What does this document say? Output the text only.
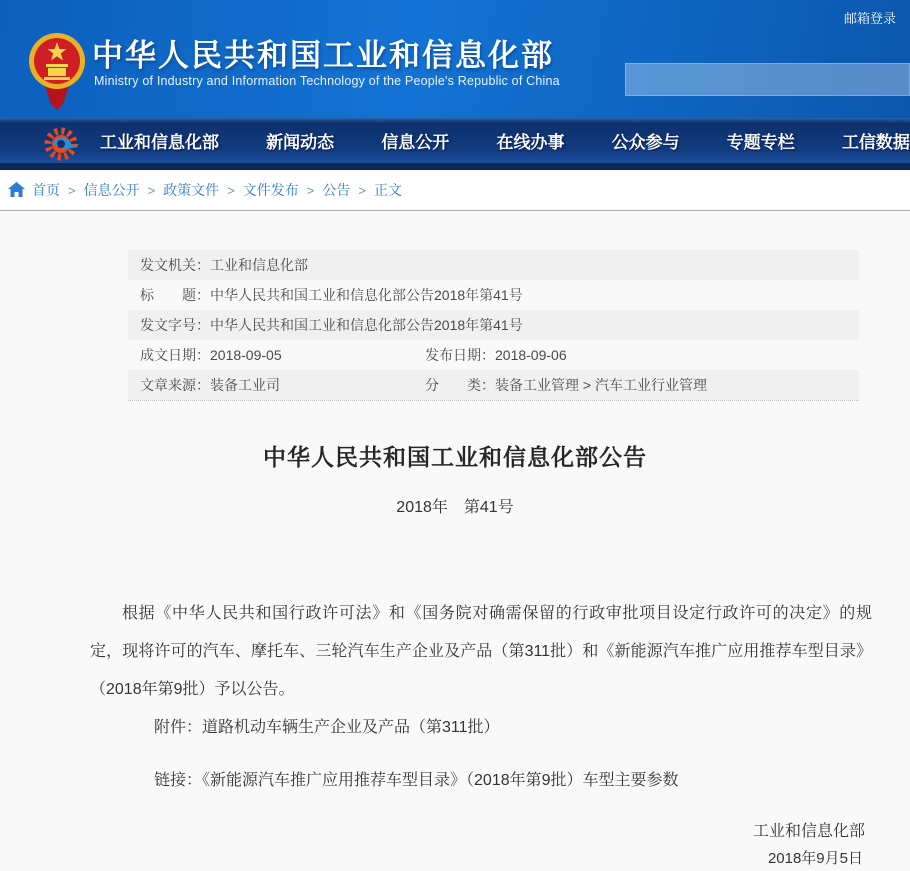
邮箱登录
中华人民共和国工业和信息化部
Ministry of Industry and Information Technology of the People's Republic of China
工业和信息化部	新闻动态	信息公开	在线办事	公众参与	专题专栏	工信数据
首页 > 信息公开 > 政策文件 > 文件发布 > 公告 > 正文
发文机关：工业和信息化部
标　　题：中华人民共和国工业和信息化部公告2018年第41号
发文字号：中华人民共和国工业和信息化部公告2018年第41号
成文日期：2018-09-05	发布日期：2018-09-06
文章来源：装备工业司	分　　类：装备工业管理 > 汽车工业行业管理
中华人民共和国工业和信息化部公告
2018年　第41号
根据《中华人民共和国行政许可法》和《国务院对确需保留的行政审批项目设定行政许可的决定》的规定，现将许可的汽车、摩托车、三轮汽车生产企业及产品（第311批）和《新能源汽车推广应用推荐车型目录》（2018年第9批）予以公告。
附件：道路机动车辆生产企业及产品（第311批）
链接：《新能源汽车推广应用推荐车型目录》（2018年第9批）车型主要参数
工业和信息化部
2018年9月5日
